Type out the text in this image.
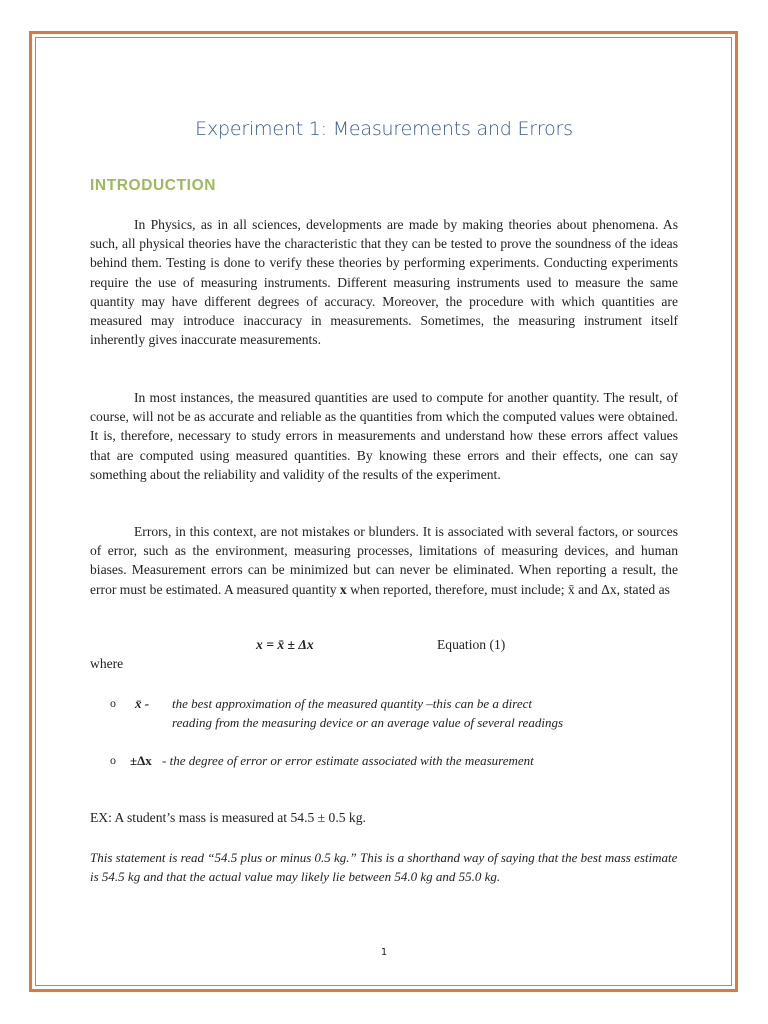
Experiment 1: Measurements and Errors
INTRODUCTION

In Physics, as in all sciences, developments are made by making theories about phenomena. As such, all physical theories have the characteristic that they can be tested to prove the soundness of the ideas behind them. Testing is done to verify these theories by performing experiments. Conducting experiments require the use of measuring instruments. Different measuring instruments used to measure the same quantity may have different degrees of accuracy. Moreover, the procedure with which quantities are measured may introduce inaccuracy in measurements. Sometimes, the measuring instrument itself inherently gives inaccurate measurements.

In most instances, the measured quantities are used to compute for another quantity. The result, of course, will not be as accurate and reliable as the quantities from which the computed values were obtained. It is, therefore, necessary to study errors in measurements and understand how these errors affect values that are computed using measured quantities. By knowing these errors and their effects, one can say something about the reliability and validity of the results of the experiment.

Errors, in this context, are not mistakes or blunders. It is associated with several factors, or sources of error, such as the environment, measuring processes, limitations of measuring devices, and human biases. Measurement errors can be minimized but can never be eliminated. When reporting a result, the error must be estimated. A measured quantity x when reported, therefore, must include; x̄ and Δx, stated as

x = x̄ ± Δx	Equation (1)
where
o x̄ - the best approximation of the measured quantity –this can be a direct reading from the measuring device or an average value of several readings
o ±Δx - the degree of error or error estimate associated with the measurement
EX: A student’s mass is measured at 54.5 ± 0.5 kg.
This statement is read “54.5 plus or minus 0.5 kg.” This is a shorthand way of saying that the best mass estimate is 54.5 kg and that the actual value may likely lie between 54.0 kg and 55.0 kg.
1
